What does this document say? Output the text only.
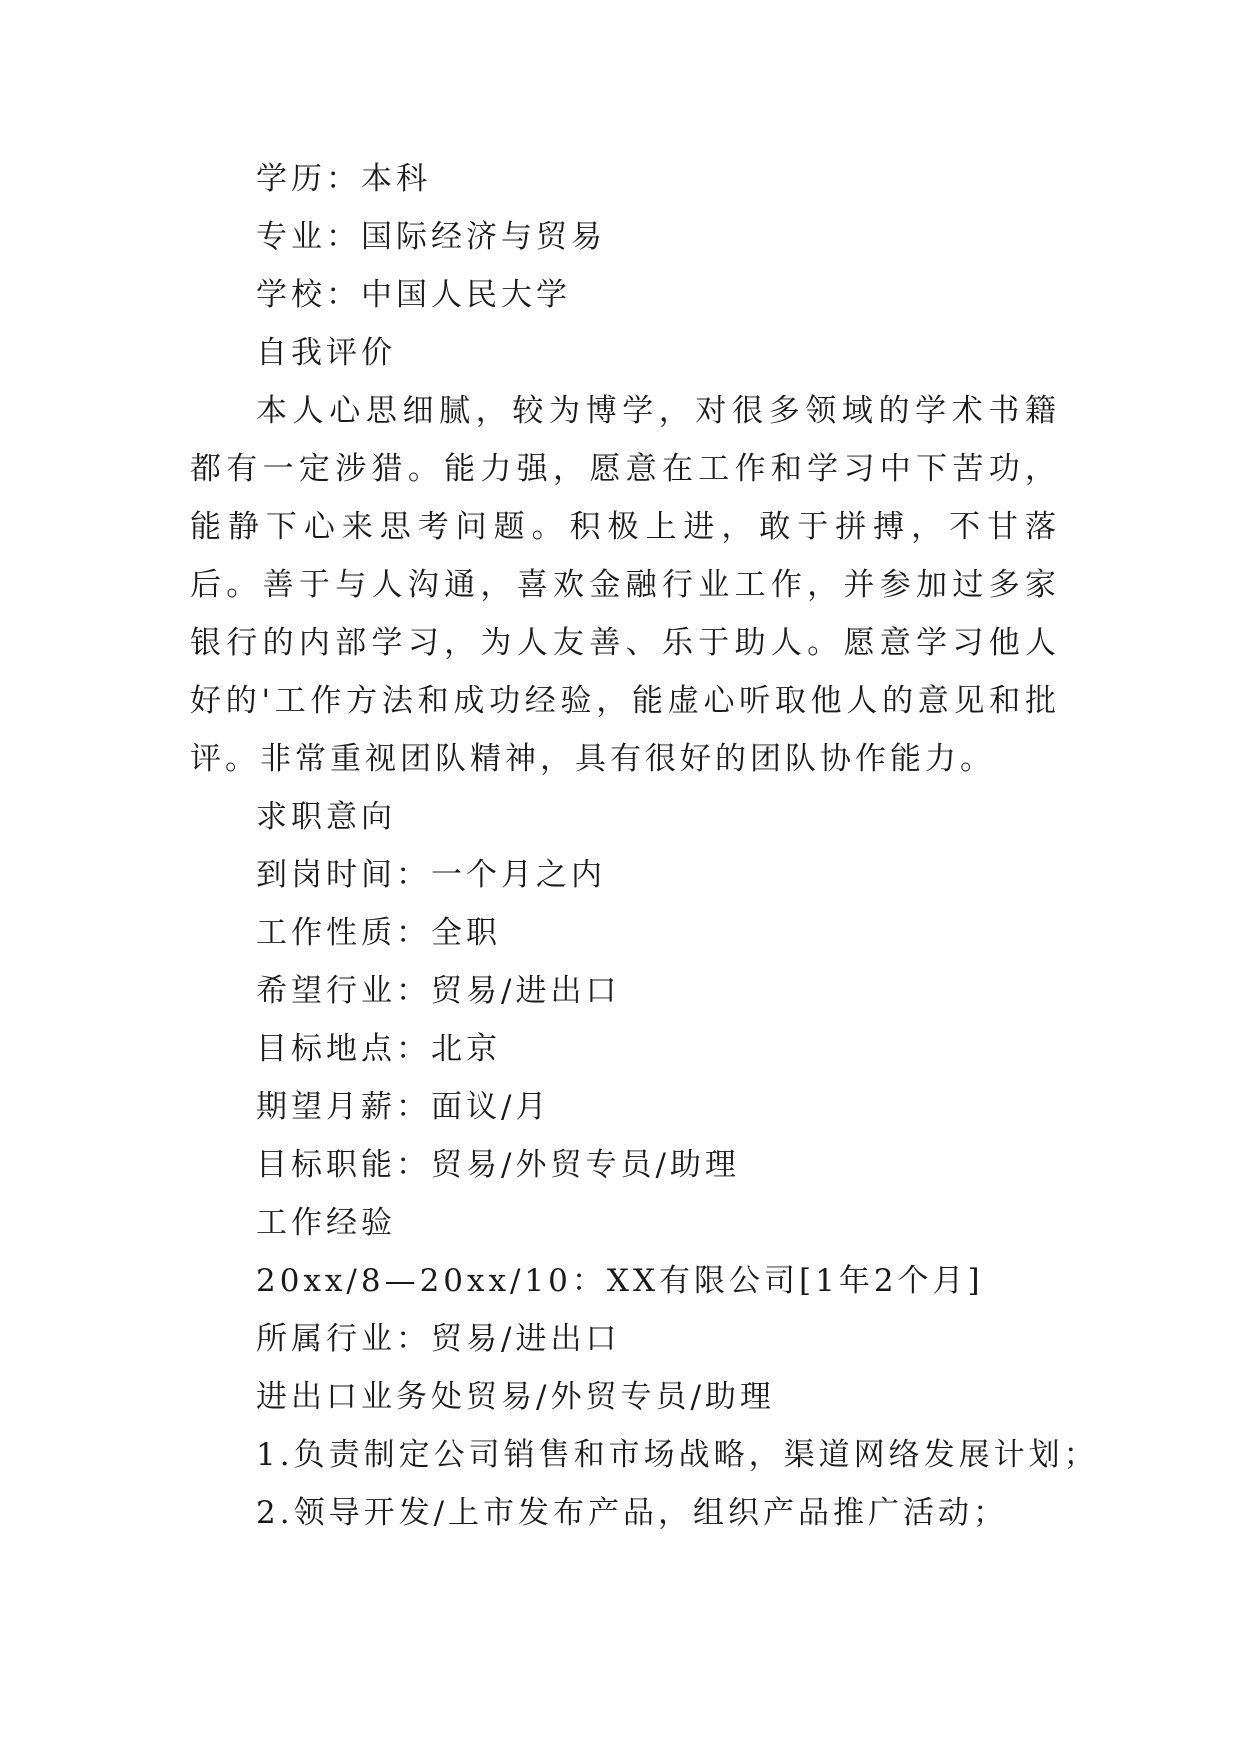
学历：本科
专业：国际经济与贸易
学校：中国人民大学
自我评价

本人心思细腻，较为博学，对很多领域的学术书籍都有一定涉猎。能力强，愿意在工作和学习中下苦功，能静下心来思考问题。积极上进，敢于拼搏，不甘落后。善于与人沟通，喜欢金融行业工作，并参加过多家银行的内部学习，为人友善、乐于助人。愿意学习他人好的'工作方法和成功经验，能虚心听取他人的意见和批评。非常重视团队精神，具有很好的团队协作能力。

求职意向
到岗时间：一个月之内
工作性质：全职
希望行业：贸易/进出口
目标地点：北京
期望月薪：面议/月
目标职能：贸易/外贸专员/助理
工作经验
20xx/8—20xx/10：XX有限公司[1年2个月]
所属行业：贸易/进出口
进出口业务处贸易/外贸专员/助理
1.负责制定公司销售和市场战略，渠道网络发展计划；
2.领导开发/上市发布产品，组织产品推广活动；
